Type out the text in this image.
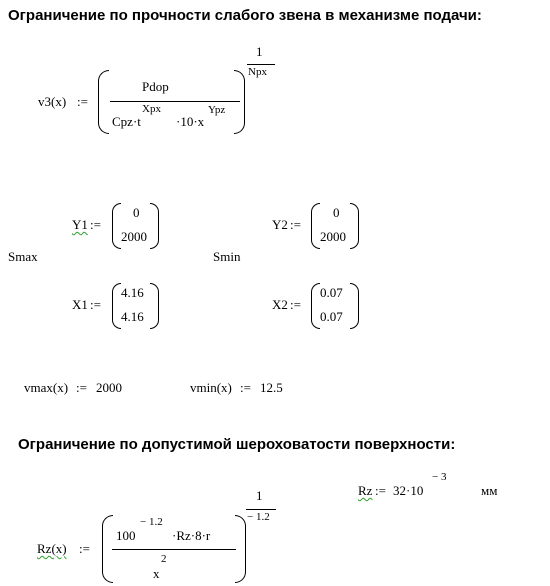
Ограничение по прочности слабого звена в механизме подачи:
v3(x) :=
Pdop
Cpz·t
Xpx
·10·x
Ypz
1
Npx
Y1 :=
0
2000
Smax
X1 :=
4.16
4.16
Y2 :=
0
2000
Smin
X2 :=
0.07
0.07
vmax(x) := 2000	vmin(x) := 12.5
Ограничение по допустимой шероховатости поверхности:
Rz := 32·10
− 3
мм
Rz(x) :=
100
− 1.2
·Rz·8·r
x
2
1
− 1.2
